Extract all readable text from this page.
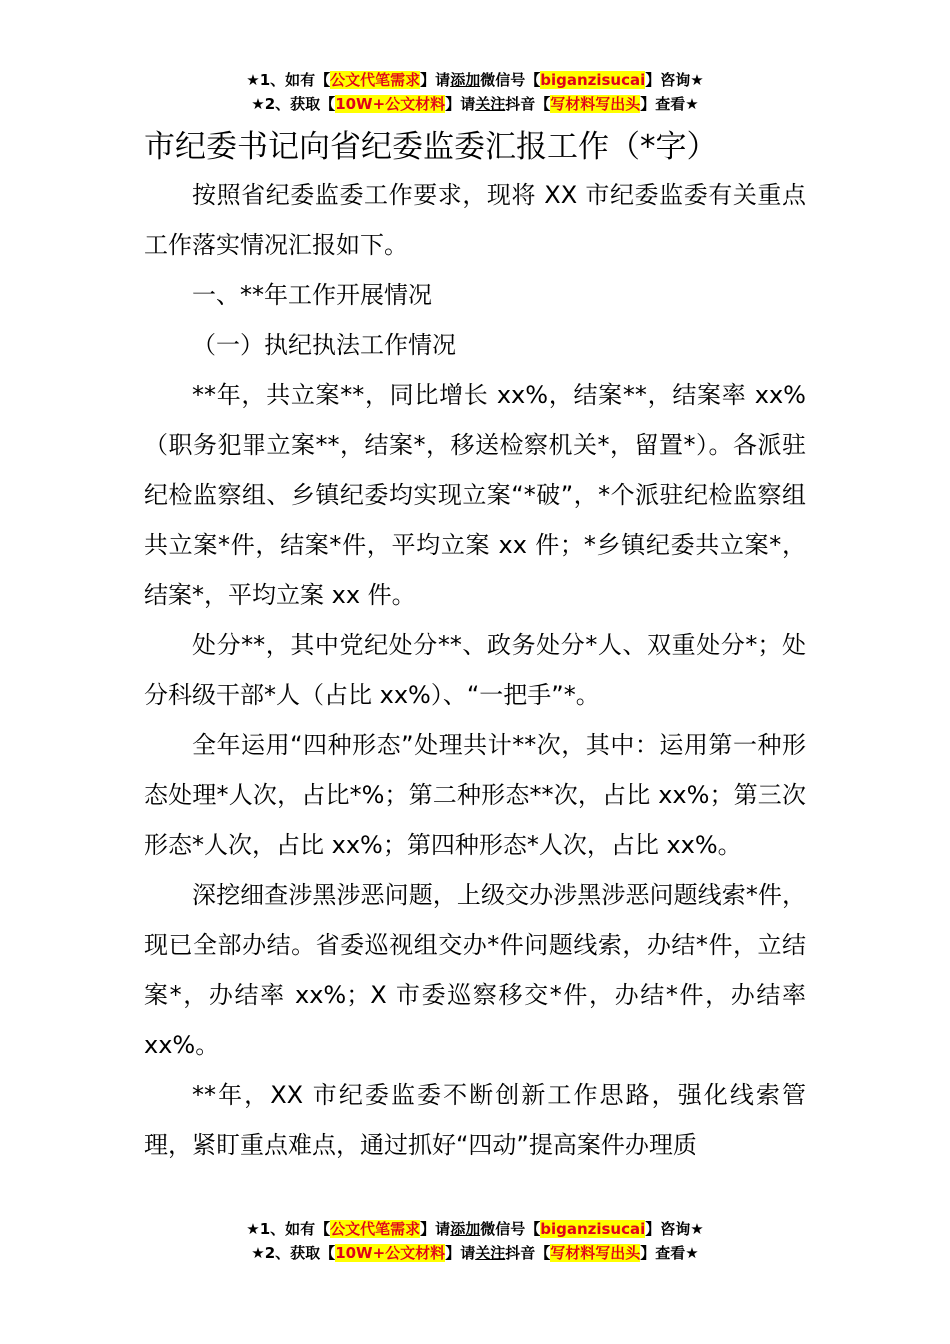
★1、如有【公文代笔需求】请添加微信号【biganzisucai】咨询★
★2、获取【10W+公文材料】请关注抖音【写材料写出头】查看★
市纪委书记向省纪委监委汇报工作（*字）

按照省纪委监委工作要求，现将 XX 市纪委监委有关重点工作落实情况汇报如下。

一、**年工作开展情况

（一）执纪执法工作情况

**年，共立案**，同比增长 xx%，结案**，结案率 xx%（职务犯罪立案**，结案*，移送检察机关*，留置*）。各派驻纪检监察组、乡镇纪委均实现立案“*破”，*个派驻纪检监察组共立案*件，结案*件，平均立案 xx 件；*乡镇纪委共立案*，结案*，平均立案 xx 件。

处分**，其中党纪处分**、政务处分*人、双重处分*；处分科级干部*人（占比 xx%）、“一把手”*。

全年运用“四种形态”处理共计**次，其中：运用第一种形态处理*人次，占比*%；第二种形态**次，占比 xx%；第三次形态*人次，占比 xx%；第四种形态*人次，占比 xx%。

深挖细查涉黑涉恶问题，上级交办涉黑涉恶问题线索*件，现已全部办结。省委巡视组交办*件问题线索，办结*件，立结案*，办结率 xx%；X 市委巡察移交*件，办结*件，办结率 xx%。

**年，XX 市纪委监委不断创新工作思路，强化线索管理，紧盯重点难点，通过抓好“四动”提高案件办理质

★1、如有【公文代笔需求】请添加微信号【biganzisucai】咨询★
★2、获取【10W+公文材料】请关注抖音【写材料写出头】查看★
